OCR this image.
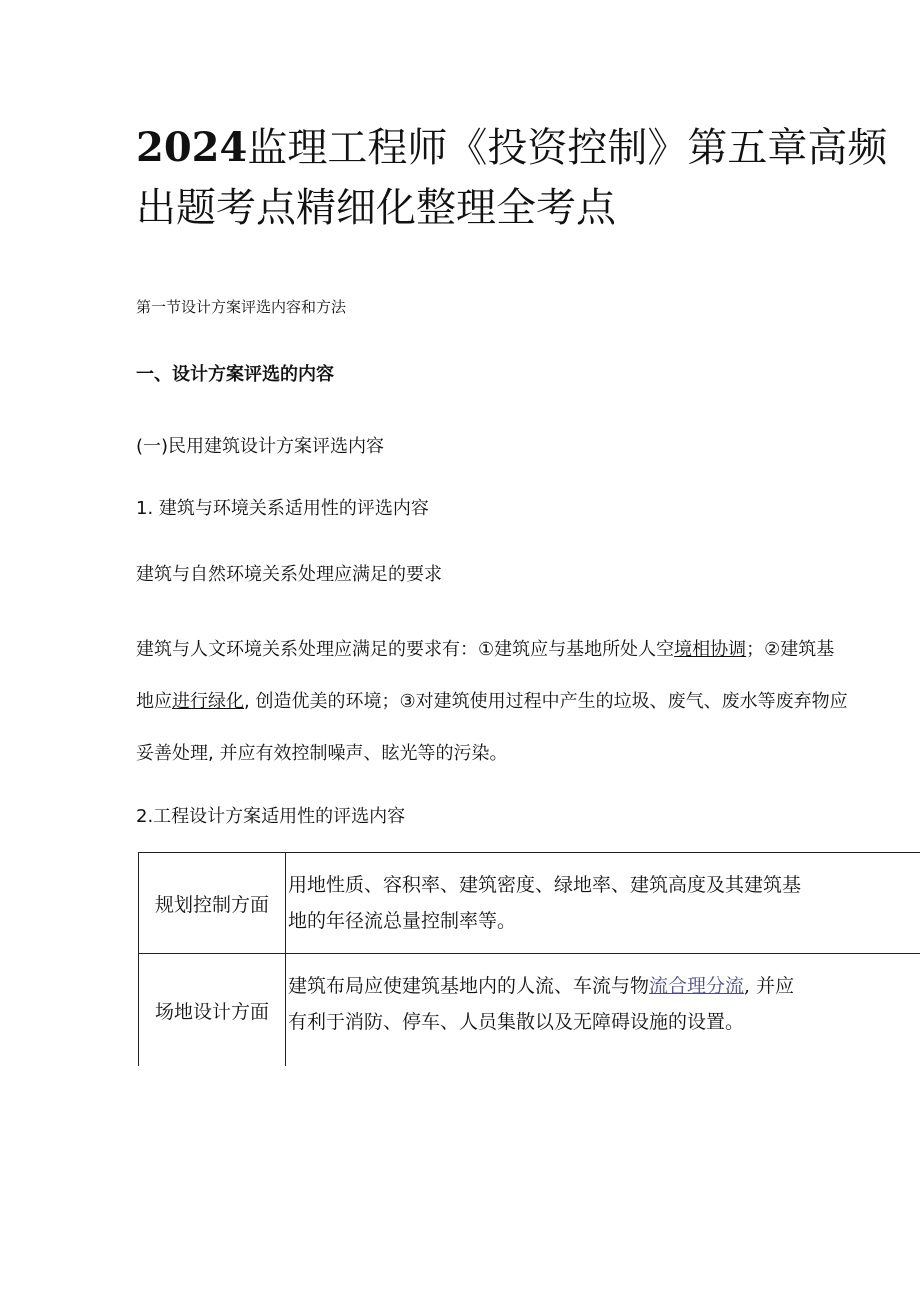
2024监理工程师《投资控制》第五章高频
出题考点精细化整理全考点

第一节设计方案评选内容和方法

一、设计方案评选的内容

(一)民用建筑设计方案评选内容

1. 建筑与环境关系适用性的评选内容

建筑与自然环境关系处理应满足的要求

建筑与人文环境关系处理应满足的要求有：①建筑应与基地所处人空境相协调；②建筑基
地应进行绿化, 创造优美的环境；③对建筑使用过程中产生的垃圾、废气、废水等废弃物应
妥善处理, 并应有效控制噪声、眩光等的污染。

2.工程设计方案适用性的评选内容

规划控制方面	用地性质、容积率、建筑密度、绿地率、建筑高度及其建筑基
地的年径流总量控制率等。
场地设计方面	建筑布局应使建筑基地内的人流、车流与物流合理分流, 并应
有利于消防、停车、人员集散以及无障碍设施的设置。
